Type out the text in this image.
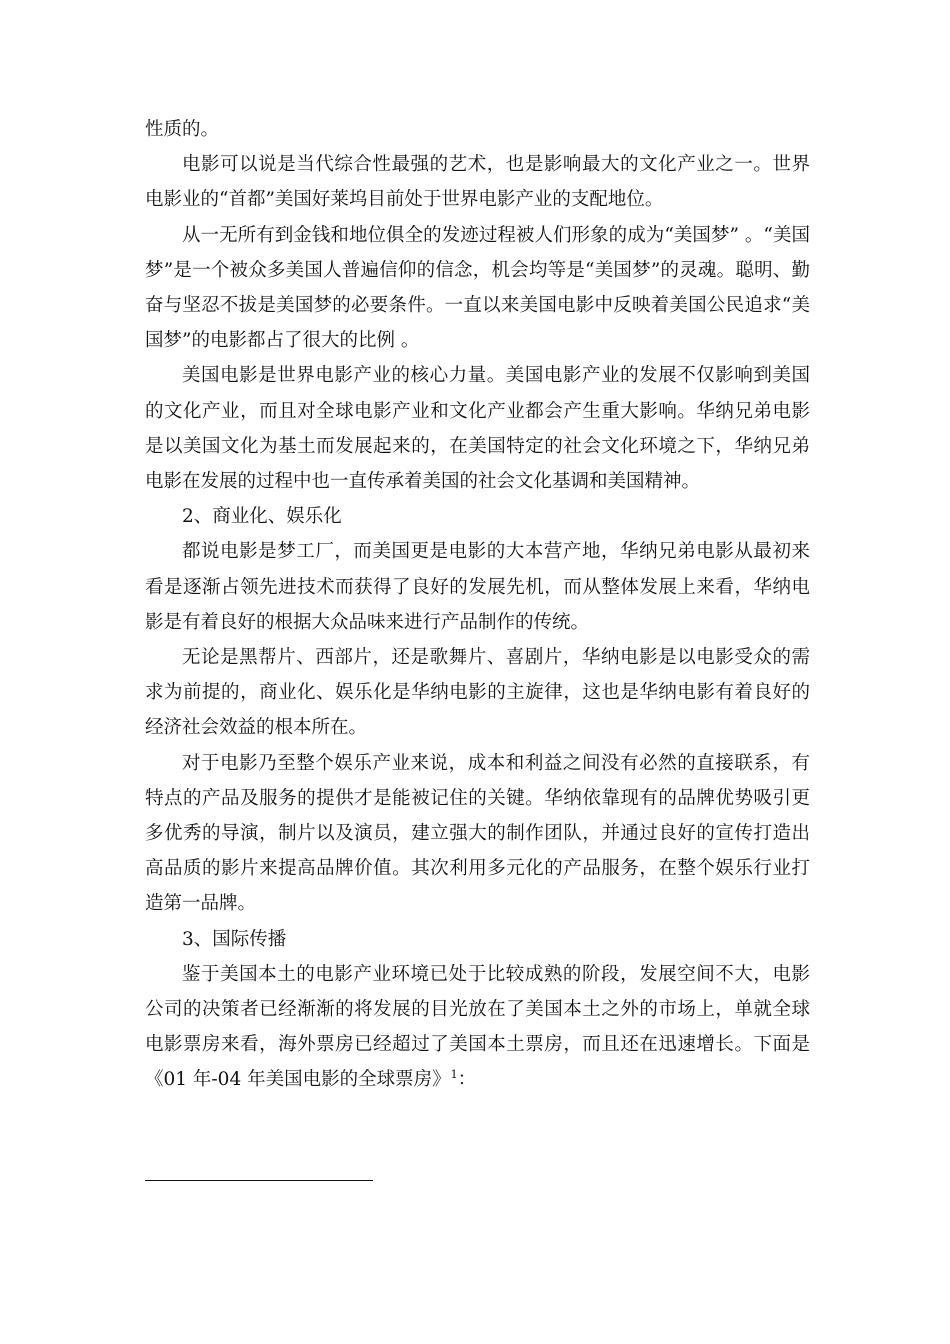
性质的。

电影可以说是当代综合性最强的艺术，也是影响最大的文化产业之一。世界电影业的“首都”美国好莱坞目前处于世界电影产业的支配地位。

从一无所有到金钱和地位俱全的发迹过程被人们形象的成为“美国梦” 。“美国梦”是一个被众多美国人普遍信仰的信念，机会均等是“美国梦”的灵魂。聪明、勤奋与坚忍不拔是美国梦的必要条件。一直以来美国电影中反映着美国公民追求“美国梦”的电影都占了很大的比例 。

美国电影是世界电影产业的核心力量。美国电影产业的发展不仅影响到美国的文化产业，而且对全球电影产业和文化产业都会产生重大影响。华纳兄弟电影是以美国文化为基土而发展起来的，在美国特定的社会文化环境之下，华纳兄弟电影在发展的过程中也一直传承着美国的社会文化基调和美国精神。

2、商业化、娱乐化

都说电影是梦工厂，而美国更是电影的大本营产地，华纳兄弟电影从最初来看是逐渐占领先进技术而获得了良好的发展先机，而从整体发展上来看，华纳电影是有着良好的根据大众品味来进行产品制作的传统。

无论是黑帮片、西部片，还是歌舞片、喜剧片，华纳电影是以电影受众的需求为前提的，商业化、娱乐化是华纳电影的主旋律，这也是华纳电影有着良好的经济社会效益的根本所在。

对于电影乃至整个娱乐产业来说，成本和利益之间没有必然的直接联系，有特点的产品及服务的提供才是能被记住的关键。华纳依靠现有的品牌优势吸引更多优秀的导演，制片以及演员，建立强大的制作团队，并通过良好的宣传打造出高品质的影片来提高品牌价值。其次利用多元化的产品服务，在整个娱乐行业打造第一品牌。

3、国际传播

鉴于美国本土的电影产业环境已处于比较成熟的阶段，发展空间不大，电影公司的决策者已经渐渐的将发展的目光放在了美国本土之外的市场上，单就全球电影票房来看，海外票房已经超过了美国本土票房，而且还在迅速增长。下面是《01 年-04 年美国电影的全球票房》$^1$：
